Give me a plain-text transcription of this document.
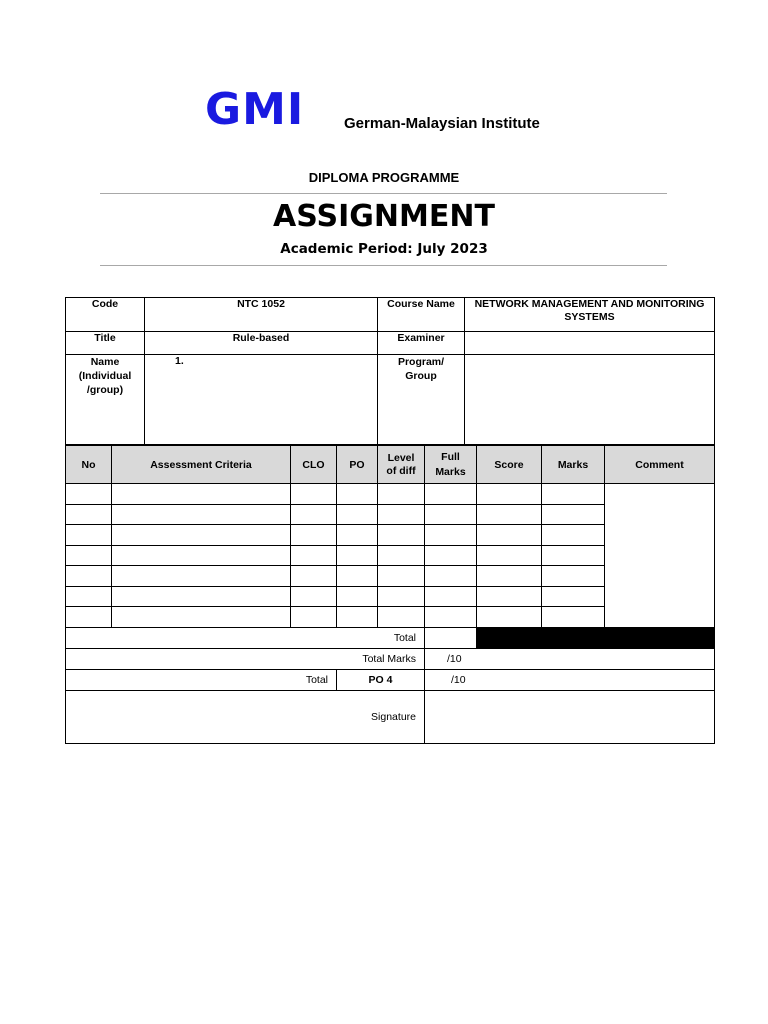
GMI	German-Malaysian Institute
DIPLOMA PROGRAMME
ASSIGNMENT
Academic Period: July 2023
Code	NTC 1052	Course Name	NETWORK MANAGEMENT AND MONITORING SYSTEMS
Title	Rule-based	Examiner	
Name (Individual /group)	1.	Program/ Group	
No	Assessment Criteria	CLO	PO	Level of diff	Full Marks	Score	Marks	Comment

Total								
Total Marks					/10			
Total			PO 4		/10			
Signature								
